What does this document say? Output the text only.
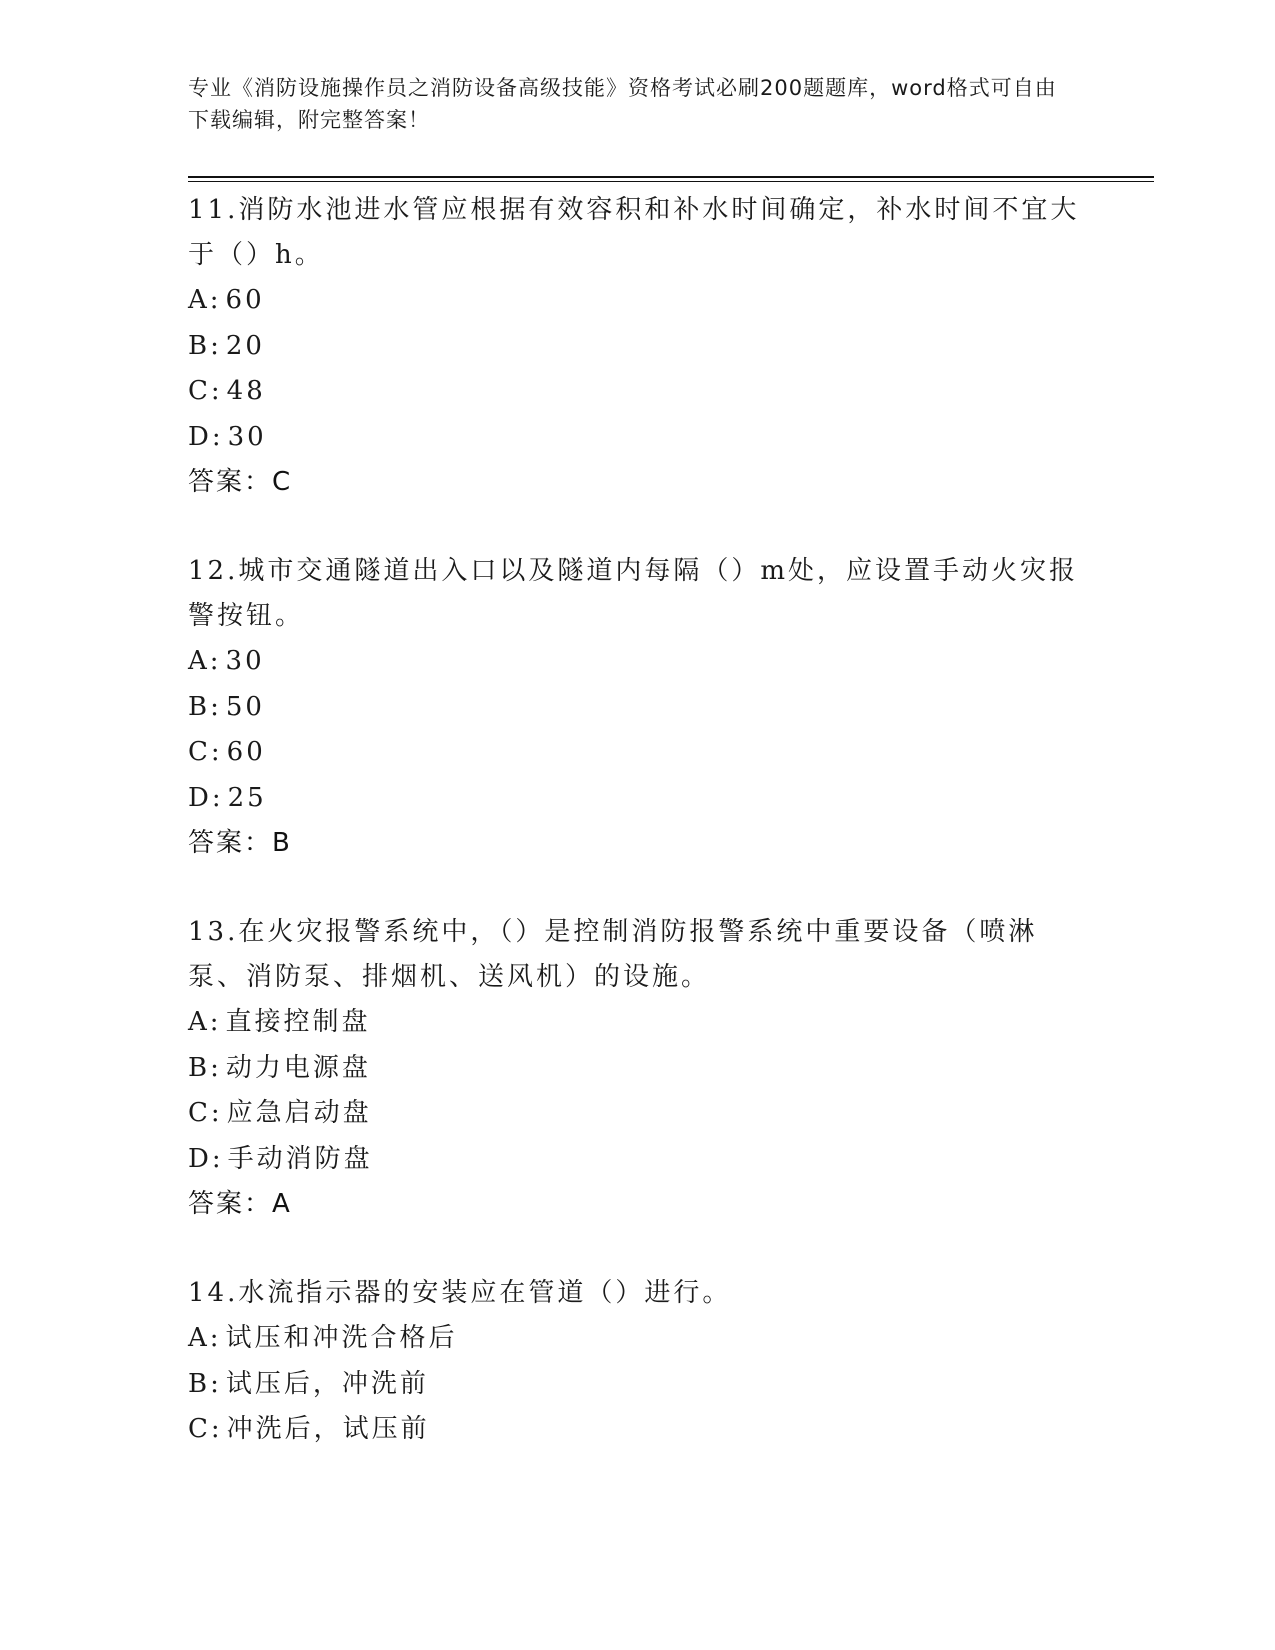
专业《消防设施操作员之消防设备高级技能》资格考试必刷200题题库，word格式可自由下载编辑，附完整答案！
11.消防水池进水管应根据有效容积和补水时间确定，补水时间不宜大于（）h。
A: 60
B: 20
C: 48
D: 30
答案：C
12.城市交通隧道出入口以及隧道内每隔（）m处，应设置手动火灾报警按钮。
A: 30
B: 50
C: 60
D: 25
答案：B
13.在火灾报警系统中，（）是控制消防报警系统中重要设备（喷淋泵、消防泵、排烟机、送风机）的设施。
A: 直接控制盘
B: 动力电源盘
C: 应急启动盘
D: 手动消防盘
答案：A
14.水流指示器的安装应在管道（）进行。
A: 试压和冲洗合格后
B: 试压后，冲洗前
C: 冲洗后，试压前
